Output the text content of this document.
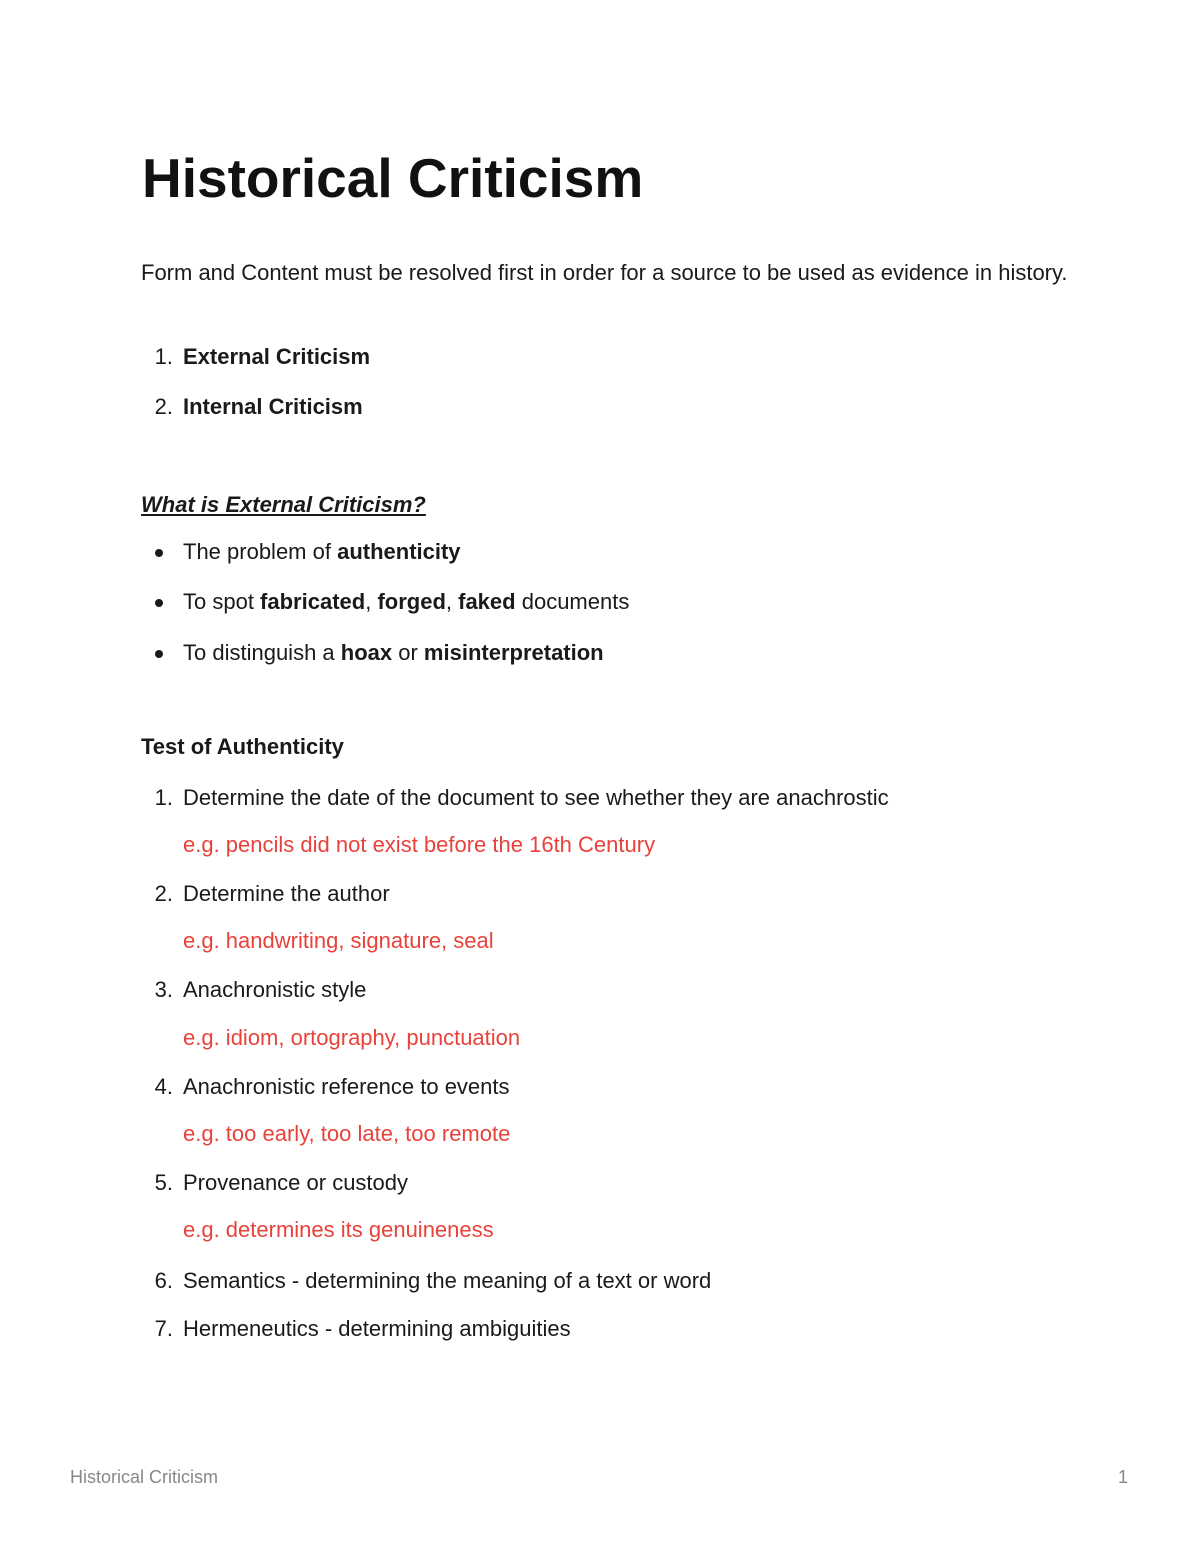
Historical Criticism

Form and Content must be resolved first in order for a source to be used as evidence in history.

1. External Criticism
2. Internal Criticism
What is External Criticism?
The problem of authenticity
To spot fabricated, forged, faked documents
To distinguish a hoax or misinterpretation
Test of Authenticity
1. Determine the date of the document to see whether they are anachrostic
e.g. pencils did not exist before the 16th Century
2. Determine the author
e.g. handwriting, signature, seal
3. Anachronistic style
e.g. idiom, ortography, punctuation
4. Anachronistic reference to events
e.g. too early, too late, too remote
5. Provenance or custody
e.g. determines its genuineness
6. Semantics - determining the meaning of a text or word
7. Hermeneutics - determining ambiguities
Historical Criticism	1
